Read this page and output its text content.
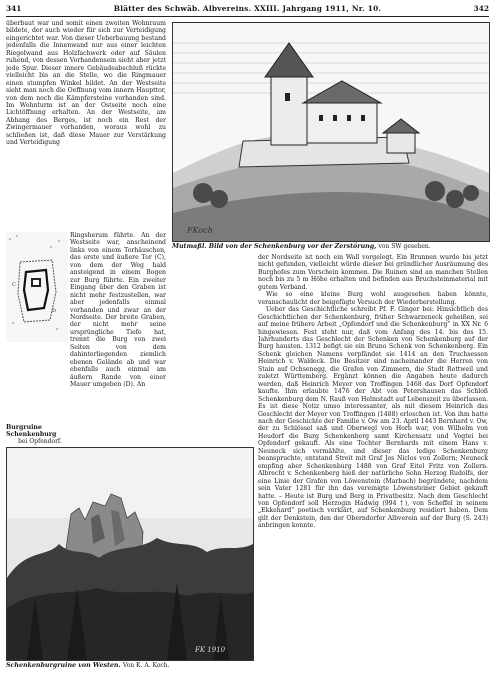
341	Blätter des Schwäb. Albvereins. XXIII. Jahrgang 1911, Nr. 10.	342

überbaut war und somit einen zweiten Wohnraum bildete, der auch wieder für sich zur Verteidigung eingerichtet war. Von dieser Ueberbauung bestand jedenfalls die Innenwand nur aus einer leichten Riegelwand aus Holzfachwerk oder auf Säulen ruhend, von dessen Vorhandensein sieht aber jetzt jede Spur. Dieser innere Gebäudeabschluß rückte vielleicht bis an die Stelle, wo die Ringmauer einen stumpfen Winkel bildet. An der Westseite sieht man noch die Oeffnung vom innern Haupttor, von dem noch die Kämpfersteine vorhanden sind. Im Wohnturm ist an der Ostseite noch eine Lichtöffnung erhalten. An der Westseite, am Abhang des Berges, ist noch ein Rest der Zwingermauer vorhanden, woraus wohl zu schließen ist, daß diese Mauer zur Verstärkung und Verteidigung

C
D

Ringsherum führte. An der Westseite war, anscheinend links von einem Torhäuschen, das erste und äußere Tor (C), von dem der Weg hald ansteigend in einem Bogen zur Burg führte. Ein zweiter Eingang über den Graben ist nicht mehr festzustellen, war aber jedenfalls einmal vorhanden und zwar an der Nordseite. Der breite Graben, der nicht mehr seine ursprüngliche Tiefe hat, trennt die Burg von zwei Seiten von dem dahinterliegenden ziemlich ebenen Gelände ab und war ebenfalls auch einmal am äußern Rande von einer Mauer umgeben (D). An

Burgruine Schenkenburg
bei Opfendorf.
FKoch
Mutmaßl. Bild von der Schenkenburg vor der Zerstörung, von SW gesehen.

der Nordseite ist noch ein Wall vorgelegt. Ein Brunnen wurde bis jetzt nicht gefunden, vielleicht würde dieser bei gründlicher Ausräumung des Burghofes zum Vorschein kommen. Die Ruinen sind an manchen Stellen noch bis zu 5 m Höhe erhalten und befinden aus Bruchsteinmaterial mit gutem Verband.

Wie so eine kleine Burg wohl ausgesehen haben könnte, veranschaulicht der beigefügte Versuch der Wiederherstellung.

Ueber das Geschichtliche schreibt Pf. F. Ginger bei: Hinsichtlich des Geschichtlichen der Schenkenburg, früher Schwarzeneck geheißen, sei auf meine frühere Arbeit „Opfendorf und die Schenkenburg“ in XX Nr. 6 hingewiesen. Fest steht nur, daß vom Anfang des 14. bis des 15. Jahrhunderts das Geschlecht der Schenken von Schenkenburg auf der Burg hausten. 1312 befigt sie ein Bruno Schenk von Schenkenberg. Ein Schenk gleichen Namens verpfändet sie 1414 an den Truchsessen Heinrich v. Waldeck. Die Besitzer sind nacheinander die Herren von Stain auf Ochsenegg, die Grafen von Zimmern, die Stadt Rottweil und zuletzt Württemberg. Ergänzt können die Angaben heute dadurch werden, daß Heinrich Meyer von Troffingen 1468 das Dorf Opfendorf kaufte. Ihm erlaubte 1476 der Abt von Petershausen das Schloß Schenkenburg dem N. Rauß von Helmstadt auf Lebenszeit zu überlassen. Es ist diese Notiz umso interessanter, als mit diesem Heinrich das Geschlecht der Meyer von Troffingen (1488) erloschen ist. Von ihm hatte nach der Geschichte der Familie v. Ow am 23. April 1443 Bernhard v. Ow, der zu Schlössel saß und Oberwegl von Horb war, von Wilhelm von Heudorf die Burg Schenkenberg samt Kirchensatz und Vogtei bei Opfendorf gekauft. Als eine Tochter Bernhards mit einem Hans v. Neuneck sich vermählte, und dieser das ledige Schenkenburg beanspruchte, entstand Streit mit Graf Jos Niclos von Zollern; Neuneck empfing aber Schenkenburg 1488 von Graf Eitel Fritz von Zollern. Albrecht v. Schenkenberg hieß der natürliche Sohn Herzog Rudolfs, der eine Linie der Grafen von Löwenstein (Marbach) begründete, nachdem sein Vater 1281 für ihn das vereinigte Löwensteiner Gebiet gekauft hatte. – Heute ist Burg und Berg in Privatbesitz. Nach dem Geschlecht von Opfendorf soll Herzogin Hadwig (994 †), von Scheffel in seinem „Ekkehard“ poetisch verklärt, auf Schenkenburg residiert haben. Dem gilt der Denkstein, den der Oberndorfer Albverein auf der Burg (S. 243) anbringen konnte.

FK 1910
Schenkenburgruine von Westen. Von K. A. Koch.
